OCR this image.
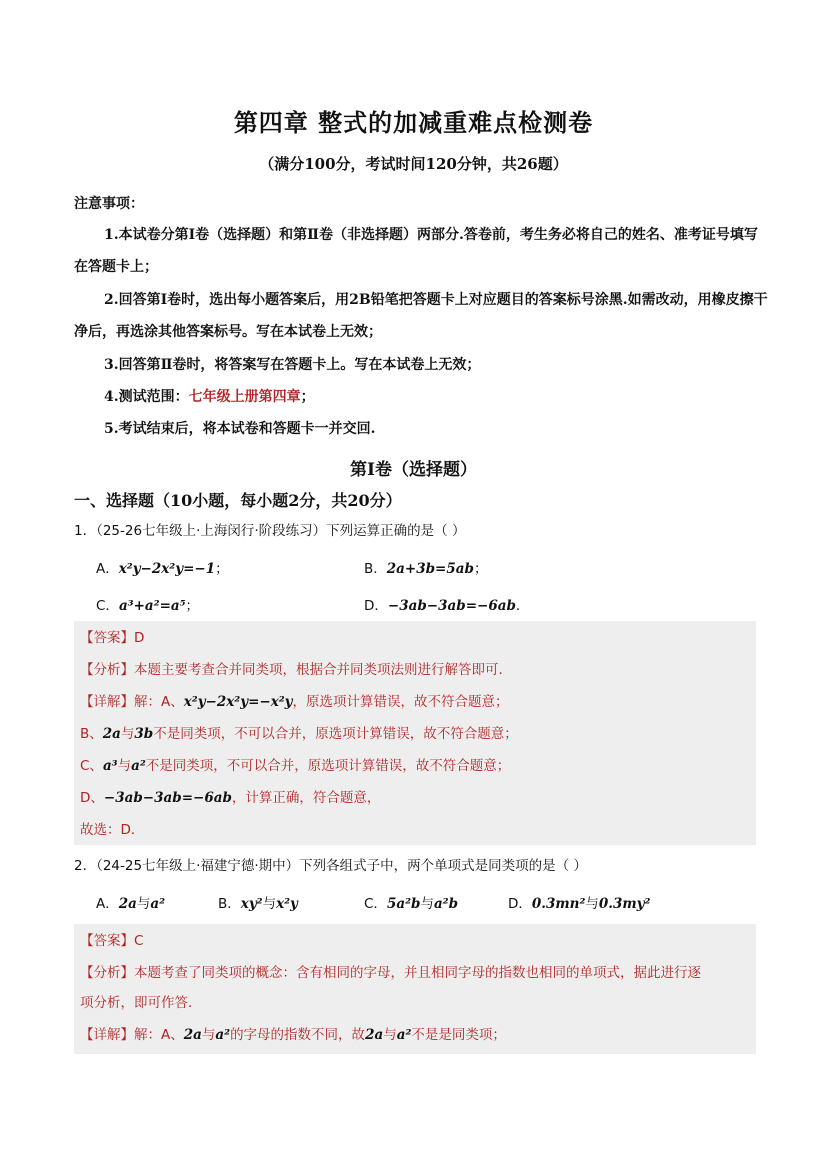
第四章 整式的加减重难点检测卷
（满分100分，考试时间120分钟，共26题）
注意事项：
1.本试卷分第Ⅰ卷（选择题）和第Ⅱ卷（非选择题）两部分.答卷前，考生务必将自己的姓名、准考证号填写
在答题卡上；
2.回答第Ⅰ卷时，选出每小题答案后，用2B铅笔把答题卡上对应题目的答案标号涂黑.如需改动，用橡皮擦干
净后，再选涂其他答案标号。写在本试卷上无效；
3.回答第Ⅱ卷时，将答案写在答题卡上。写在本试卷上无效；
4.测试范围：七年级上册第四章；
5.考试结束后，将本试卷和答题卡一并交回.
第Ⅰ卷（选择题）
一、选择题（10小题，每小题2分，共20分）
1．（25-26七年级上·上海闵行·阶段练习）下列运算正确的是（ ）
A．x²y−2x²y=−1；	B．2a+3b=5ab；
C．a³+a²=a⁵；	D．−3ab−3ab=−6ab．
【答案】D
【分析】本题主要考查合并同类项，根据合并同类项法则进行解答即可．
【详解】解：A、x²y−2x²y=−x²y，原选项计算错误，故不符合题意；
B、2a与3b不是同类项，不可以合并，原选项计算错误，故不符合题意；
C、a³与a²不是同类项，不可以合并，原选项计算错误，故不符合题意；
D、−3ab−3ab=−6ab，计算正确，符合题意，
故选：D．
2．（24-25七年级上·福建宁德·期中）下列各组式子中，两个单项式是同类项的是（ ）
A．2a与a²	B．xy²与x²y	C．5a²b与a²b	D．0.3mn²与0.3my²
【答案】C
【分析】本题考查了同类项的概念：含有相同的字母，并且相同字母的指数也相同的单项式，据此进行逐
项分析，即可作答．
【详解】解：A、2a与a²的字母的指数不同，故2a与a²不是是同类项；
